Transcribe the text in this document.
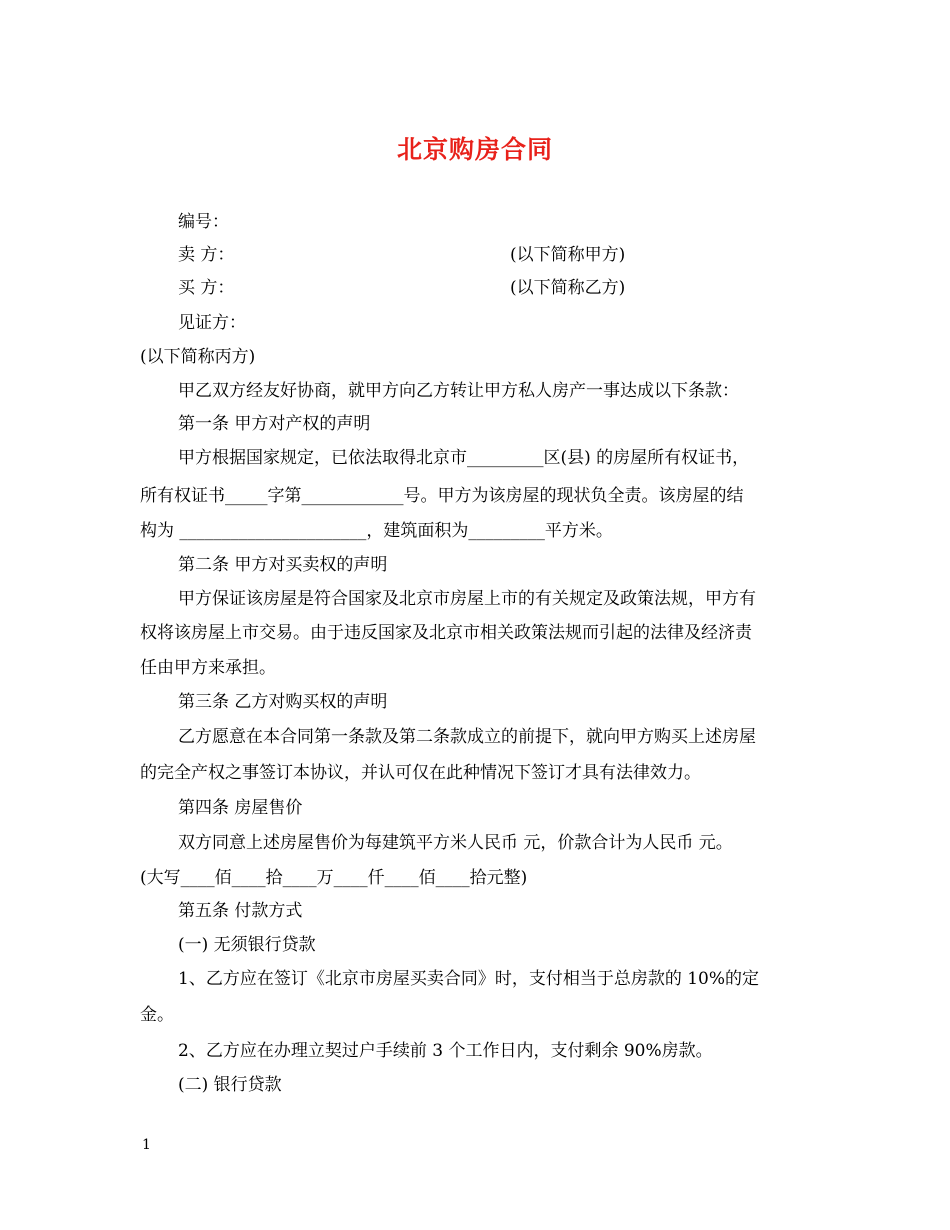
北京购房合同
编号：
卖 方：	(以下简称甲方)
买 方：	(以下简称乙方)
见证方：
(以下简称丙方)
甲乙双方经友好协商，就甲方向乙方转让甲方私人房产一事达成以下条款：
第一条 甲方对产权的声明
甲方根据国家规定，已依法取得北京市_________区(县) 的房屋所有权证书，
所有权证书_____字第____________号。甲方为该房屋的现状负全责。该房屋的结
构为 ______________________，建筑面积为_________平方米。
第二条 甲方对买卖权的声明
甲方保证该房屋是符合国家及北京市房屋上市的有关规定及政策法规，甲方有
权将该房屋上市交易。由于违反国家及北京市相关政策法规而引起的法律及经济责
任由甲方来承担。
第三条 乙方对购买权的声明
乙方愿意在本合同第一条款及第二条款成立的前提下，就向甲方购买上述房屋
的完全产权之事签订本协议，并认可仅在此种情况下签订才具有法律效力。
第四条 房屋售价
双方同意上述房屋售价为每建筑平方米人民币 元，价款合计为人民币 元。
(大写____佰____拾____万____仟____佰____拾元整)
第五条 付款方式
(一) 无须银行贷款
1、乙方应在签订《北京市房屋买卖合同》时，支付相当于总房款的 10%的定
金。
2、乙方应在办理立契过户手续前 3 个工作日内，支付剩余 90%房款。
(二) 银行贷款
1
